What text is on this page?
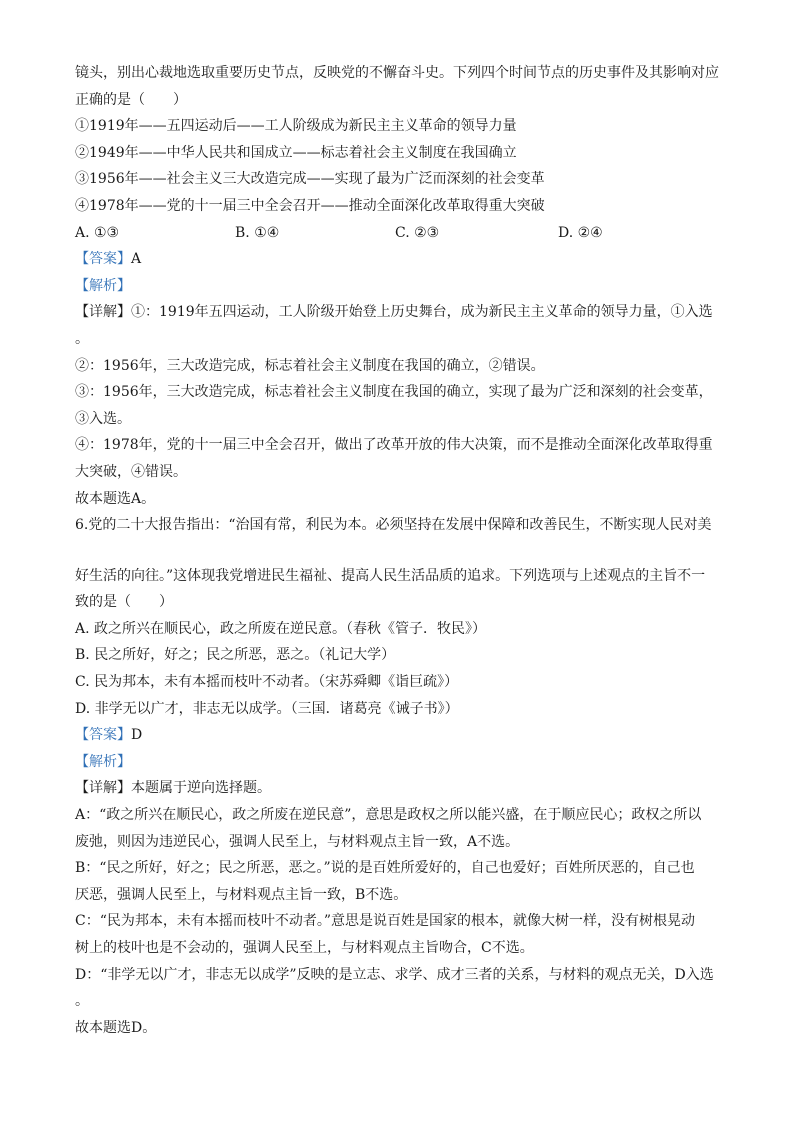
镜头，别出心裁地选取重要历史节点，反映党的不懈奋斗史。下列四个时间节点的历史事件及其影响对应
正确的是（　　）
①1919年——五四运动后——工人阶级成为新民主主义革命的领导力量
②1949年——中华人民共和国成立——标志着社会主义制度在我国确立
③1956年——社会主义三大改造完成——实现了最为广泛而深刻的社会变革
④1978年——党的十一届三中全会召开——推动全面深化改革取得重大突破
A. ①③	B. ①④	C. ②③	D. ②④
【答案】A
【解析】
【详解】①：1919年五四运动，工人阶级开始登上历史舞台，成为新民主主义革命的领导力量，①入选
。
②：1956年，三大改造完成，标志着社会主义制度在我国的确立，②错误。
③：1956年，三大改造完成，标志着社会主义制度在我国的确立，实现了最为广泛和深刻的社会变革，
③入选。
④：1978年，党的十一届三中全会召开，做出了改革开放的伟大决策，而不是推动全面深化改革取得重
大突破，④错误。
故本题选A。
6.党的二十大报告指出：“治国有常，利民为本。必须坚持在发展中保障和改善民生，不断实现人民对美
好生活的向往。”这体现我党增进民生福祉、提高人民生活品质的追求。下列选项与上述观点的主旨不一
致的是（　　）
A. 政之所兴在顺民心，政之所废在逆民意。（春秋《管子．牧民》）
B. 民之所好，好之；民之所恶，恶之。（礼记大学）
C. 民为邦本，未有本摇而枝叶不动者。（宋苏舜卿《诣巨疏》）
D. 非学无以广才，非志无以成学。（三国．诸葛亮《诫子书》）
【答案】D
【解析】
【详解】本题属于逆向选择题。
A：“政之所兴在顺民心，政之所废在逆民意”，意思是政权之所以能兴盛，在于顺应民心；政权之所以
废弛，则因为违逆民心，强调人民至上，与材料观点主旨一致，A不选。
B：“民之所好，好之；民之所恶，恶之。”说的是百姓所爱好的，自己也爱好；百姓所厌恶的，自己也
厌恶，强调人民至上，与材料观点主旨一致，B不选。
C：“民为邦本，未有本摇而枝叶不动者。”意思是说百姓是国家的根本，就像大树一样，没有树根晃动
树上的枝叶也是不会动的，强调人民至上，与材料观点主旨吻合，C不选。
D：“非学无以广才，非志无以成学”反映的是立志、求学、成才三者的关系，与材料的观点无关，D入选
。
故本题选D。
